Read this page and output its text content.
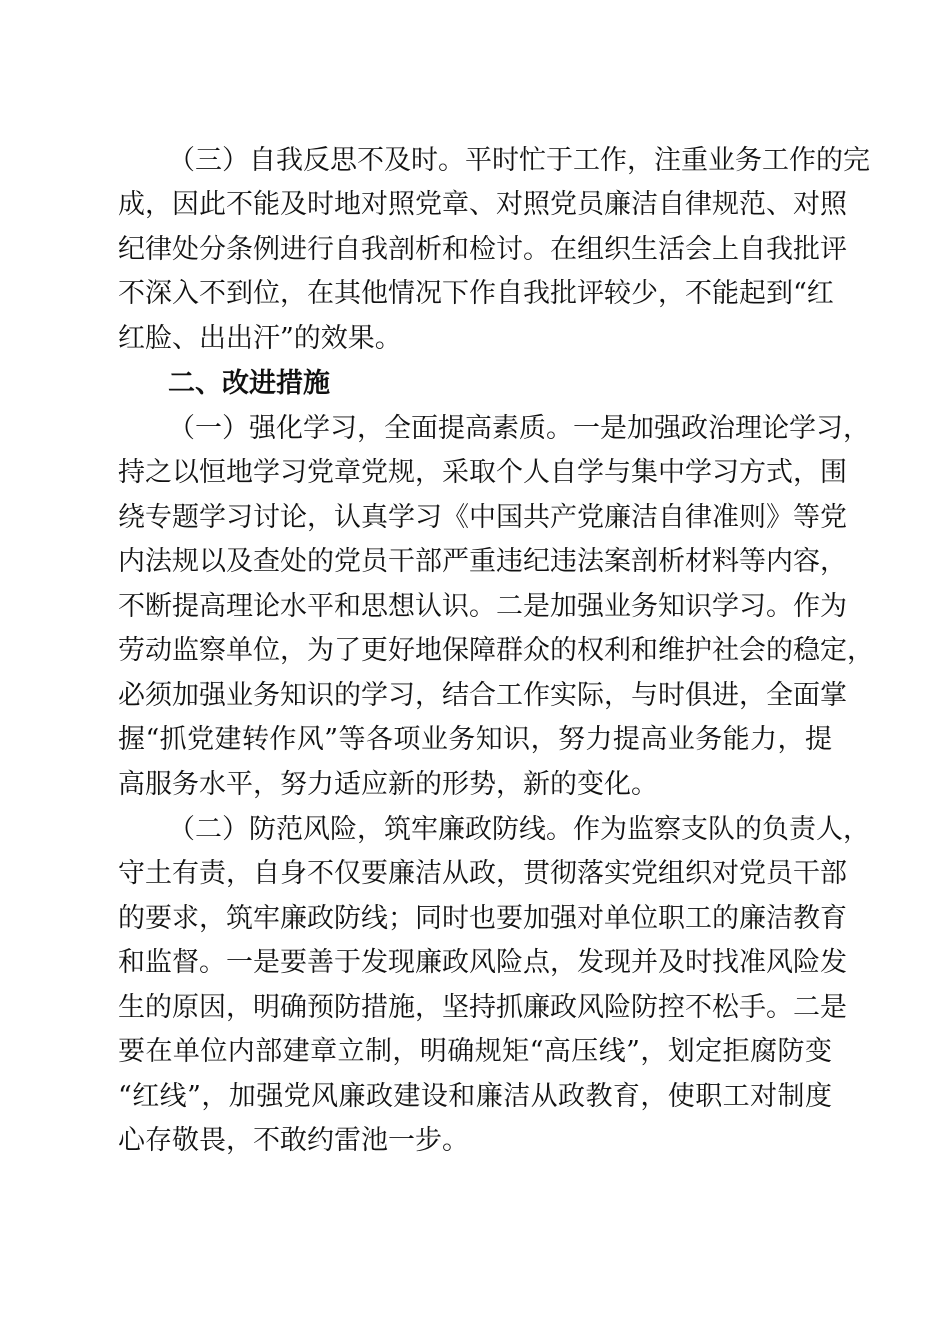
（三）自我反思不及时。平时忙于工作，注重业务工作的完
成，因此不能及时地对照党章、对照党员廉洁自律规范、对照
纪律处分条例进行自我剖析和检讨。在组织生活会上自我批评
不深入不到位，在其他情况下作自我批评较少，不能起到“红
红脸、出出汗”的效果。
二、改进措施
（一）强化学习，全面提高素质。一是加强政治理论学习，
持之以恒地学习党章党规，采取个人自学与集中学习方式，围
绕专题学习讨论，认真学习《中国共产党廉洁自律准则》等党
内法规以及查处的党员干部严重违纪违法案剖析材料等内容，
不断提高理论水平和思想认识。二是加强业务知识学习。作为
劳动监察单位，为了更好地保障群众的权利和维护社会的稳定，
必须加强业务知识的学习，结合工作实际，与时俱进，全面掌
握“抓党建转作风”等各项业务知识，努力提高业务能力，提
高服务水平，努力适应新的形势，新的变化。
（二）防范风险，筑牢廉政防线。作为监察支队的负责人，
守土有责，自身不仅要廉洁从政，贯彻落实党组织对党员干部
的要求，筑牢廉政防线；同时也要加强对单位职工的廉洁教育
和监督。一是要善于发现廉政风险点，发现并及时找准风险发
生的原因，明确预防措施，坚持抓廉政风险防控不松手。二是
要在单位内部建章立制，明确规矩“高压线”，划定拒腐防变
“红线”，加强党风廉政建设和廉洁从政教育，使职工对制度
心存敬畏，不敢约雷池一步。
